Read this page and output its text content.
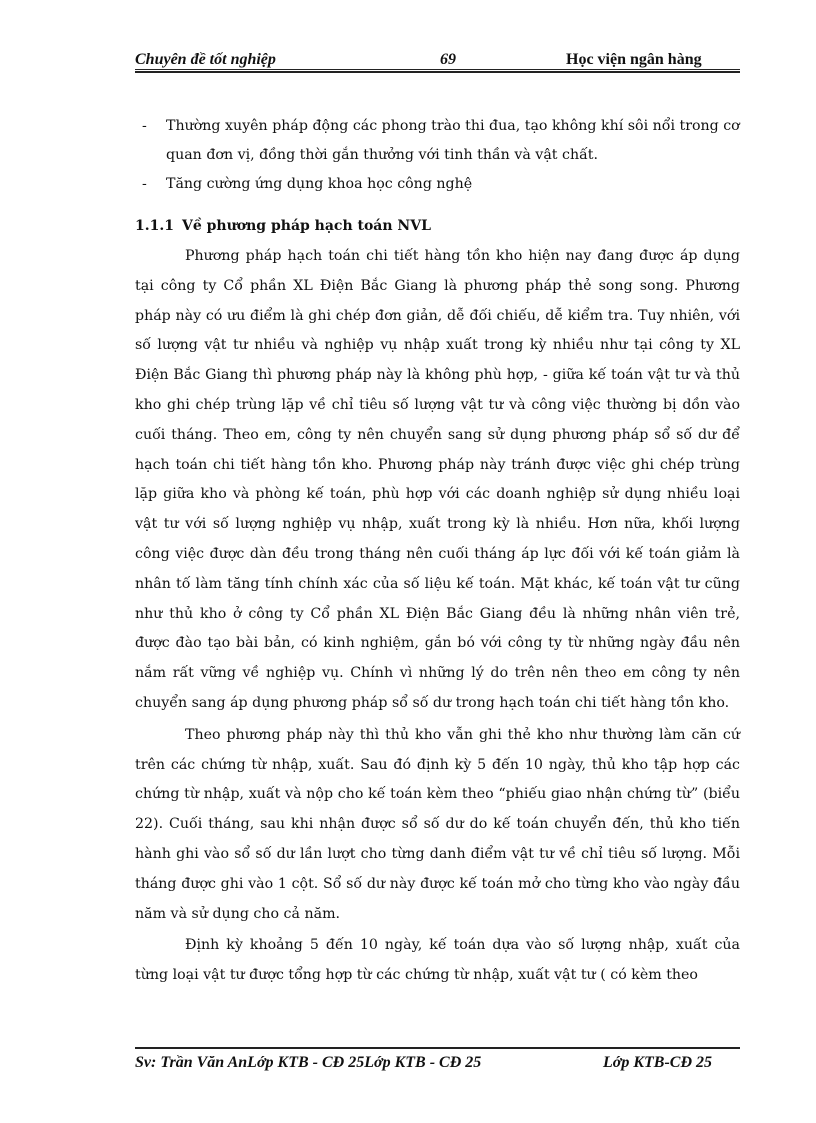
Chuyên đề tốt nghiệp	69	Học viện ngân hàng
- Thường xuyên pháp động các phong trào thi đua, tạo không khí sôi nổi trong cơ quan đơn vị, đồng thời gắn thưởng với tinh thần và vật chất.
- Tăng cường ứng dụng khoa học công nghệ
1.1.1 Về phương pháp hạch toán NVL

Phương pháp hạch toán chi tiết hàng tồn kho hiện nay đang được áp dụng tại công ty Cổ phần XL Điện Bắc Giang là phương pháp thẻ song song. Phương pháp này có ưu điểm là ghi chép đơn giản, dễ đối chiếu, dễ kiểm tra. Tuy nhiên, với số lượng vật tư nhiều và nghiệp vụ nhập xuất trong kỳ nhiều như tại công ty XL Điện Bắc Giang thì phương pháp này là không phù hợp, - giữa kế toán vật tư và thủ kho ghi chép trùng lặp về chỉ tiêu số lượng vật tư và công việc thường bị dồn vào cuối tháng. Theo em, công ty nên chuyển sang sử dụng phương pháp sổ số dư để hạch toán chi tiết hàng tồn kho. Phương pháp này tránh được việc ghi chép trùng lặp giữa kho và phòng kế toán, phù hợp với các doanh nghiệp sử dụng nhiều loại vật tư với số lượng nghiệp vụ nhập, xuất trong kỳ là nhiều. Hơn nữa, khối lượng công việc được dàn đều trong tháng nên cuối tháng áp lực đối với kế toán giảm là nhân tố làm tăng tính chính xác của số liệu kế toán. Mặt khác, kế toán vật tư cũng như thủ kho ở công ty Cổ phần XL Điện Bắc Giang đều là những nhân viên trẻ, được đào tạo bài bản, có kinh nghiệm, gắn bó với công ty từ những ngày đầu nên nắm rất vững về nghiệp vụ. Chính vì những lý do trên nên theo em công ty nên chuyển sang áp dụng phương pháp sổ số dư trong hạch toán chi tiết hàng tồn kho.

Theo phương pháp này thì thủ kho vẫn ghi thẻ kho như thường làm căn cứ trên các chứng từ nhập, xuất. Sau đó định kỳ 5 đến 10 ngày, thủ kho tập hợp các chứng từ nhập, xuất và nộp cho kế toán kèm theo “phiếu giao nhận chứng từ” (biểu 22). Cuối tháng, sau khi nhận được sổ số dư do kế toán chuyển đến, thủ kho tiến hành ghi vào sổ số dư lần lượt cho từng danh điểm vật tư về chỉ tiêu số lượng. Mỗi tháng được ghi vào 1 cột. Sổ số dư này được kế toán mở cho từng kho vào ngày đầu năm và sử dụng cho cả năm.

Định kỳ khoảng 5 đến 10 ngày, kế toán dựa vào số lượng nhập, xuất của từng loại vật tư được tổng hợp từ các chứng từ nhập, xuất vật tư ( có kèm theo

Sv: Trần Văn AnLớp KTB - CĐ 25Lớp KTB - CĐ 25	Lớp KTB-CĐ 25
